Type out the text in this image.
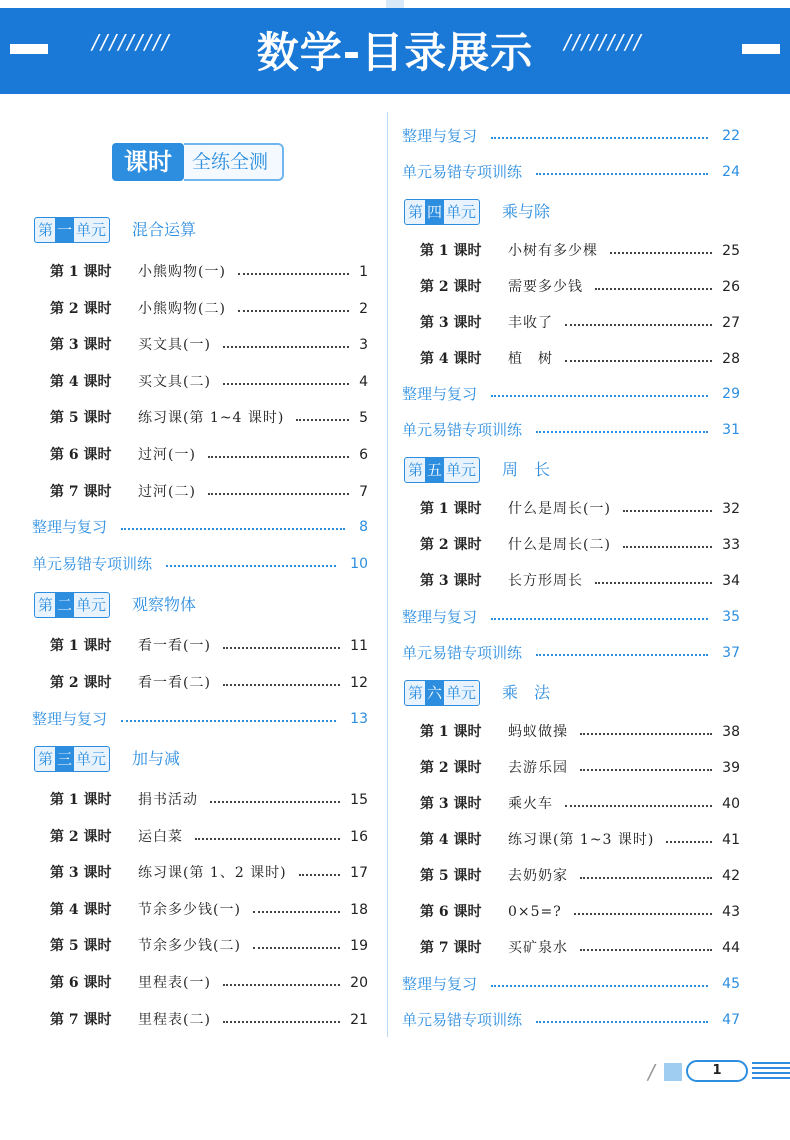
/////////	数学-目录展示	/////////
课时	全练全测
第 一 单元 混合运算
第 1 课时 小熊购物(一)	1
第 2 课时 小熊购物(二)	2
第 3 课时 买文具(一)	3
第 4 课时 买文具(二)	4
第 5 课时 练习课(第 1~4 课时)	5
第 6 课时 过河(一)	6
第 7 课时 过河(二)	7
整理与复习	8
单元易错专项训练	10
第 二 单元 观察物体
第 1 课时 看一看(一)	11
第 2 课时 看一看(二)	12
整理与复习	13
第 三 单元 加与减
第 1 课时 捐书活动	15
第 2 课时 运白菜	16
第 3 课时 练习课(第 1、2 课时)	17
第 4 课时 节余多少钱(一)	18
第 5 课时 节余多少钱(二)	19
第 6 课时 里程表(一)	20
第 7 课时 里程表(二)	21
整理与复习	22
单元易错专项训练	24
第 四 单元 乘与除
第 1 课时 小树有多少棵	25
第 2 课时 需要多少钱	26
第 3 课时 丰收了	27
第 4 课时 植　树	28
整理与复习	29
单元易错专项训练	31
第 五 单元 周　长
第 1 课时 什么是周长(一)	32
第 2 课时 什么是周长(二)	33
第 3 课时 长方形周长	34
整理与复习	35
单元易错专项训练	37
第 六 单元 乘　法
第 1 课时 蚂蚁做操	38
第 2 课时 去游乐园	39
第 3 课时 乘火车	40
第 4 课时 练习课(第 1~3 课时)	41
第 5 课时 去奶奶家	42
第 6 课时 0×5=?	43
第 7 课时 买矿泉水	44
整理与复习	45
单元易错专项训练	47
/	1
